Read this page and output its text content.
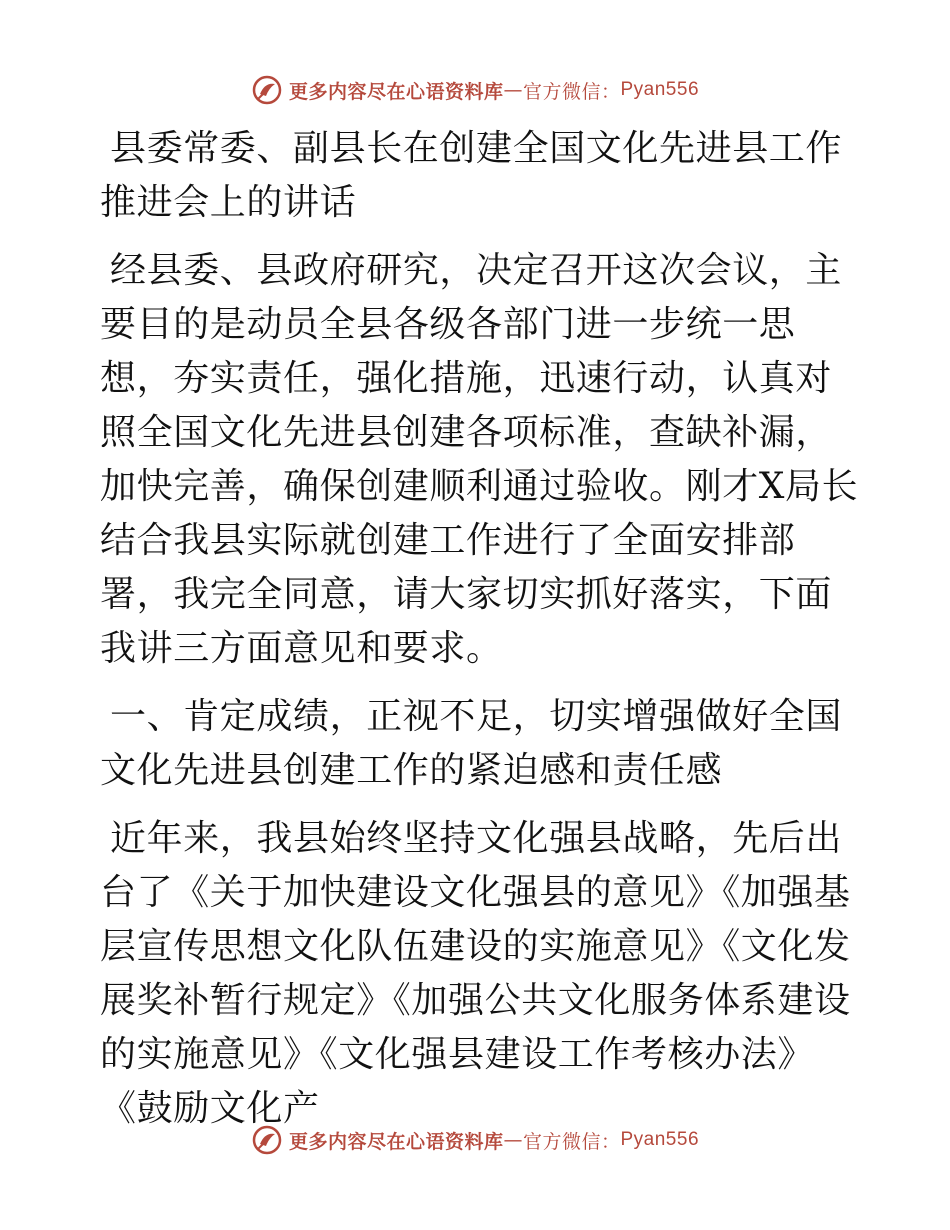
更多内容尽在心语资料库 — 官方微信： Pyan556

县委常委、副县长在创建全国文化先进县工作推进会上的讲话

经县委、县政府研究，决定召开这次会议，主要目的是动员全县各级各部门进一步统一思想，夯实责任，强化措施，迅速行动，认真对照全国文化先进县创建各项标准，查缺补漏，加快完善，确保创建顺利通过验收。刚才X局长结合我县实际就创建工作进行了全面安排部署，我完全同意，请大家切实抓好落实，下面我讲三方面意见和要求。

一、肯定成绩，正视不足，切实增强做好全国文化先进县创建工作的紧迫感和责任感

近年来，我县始终坚持文化强县战略，先后出台了《关于加快建设文化强县的意见》《加强基层宣传思想文化队伍建设的实施意见》《文化发展奖补暂行规定》《加强公共文化服务体系建设的实施意见》《文化强县建设工作考核办法》《鼓励文化产

更多内容尽在心语资料库 — 官方微信： Pyan556
